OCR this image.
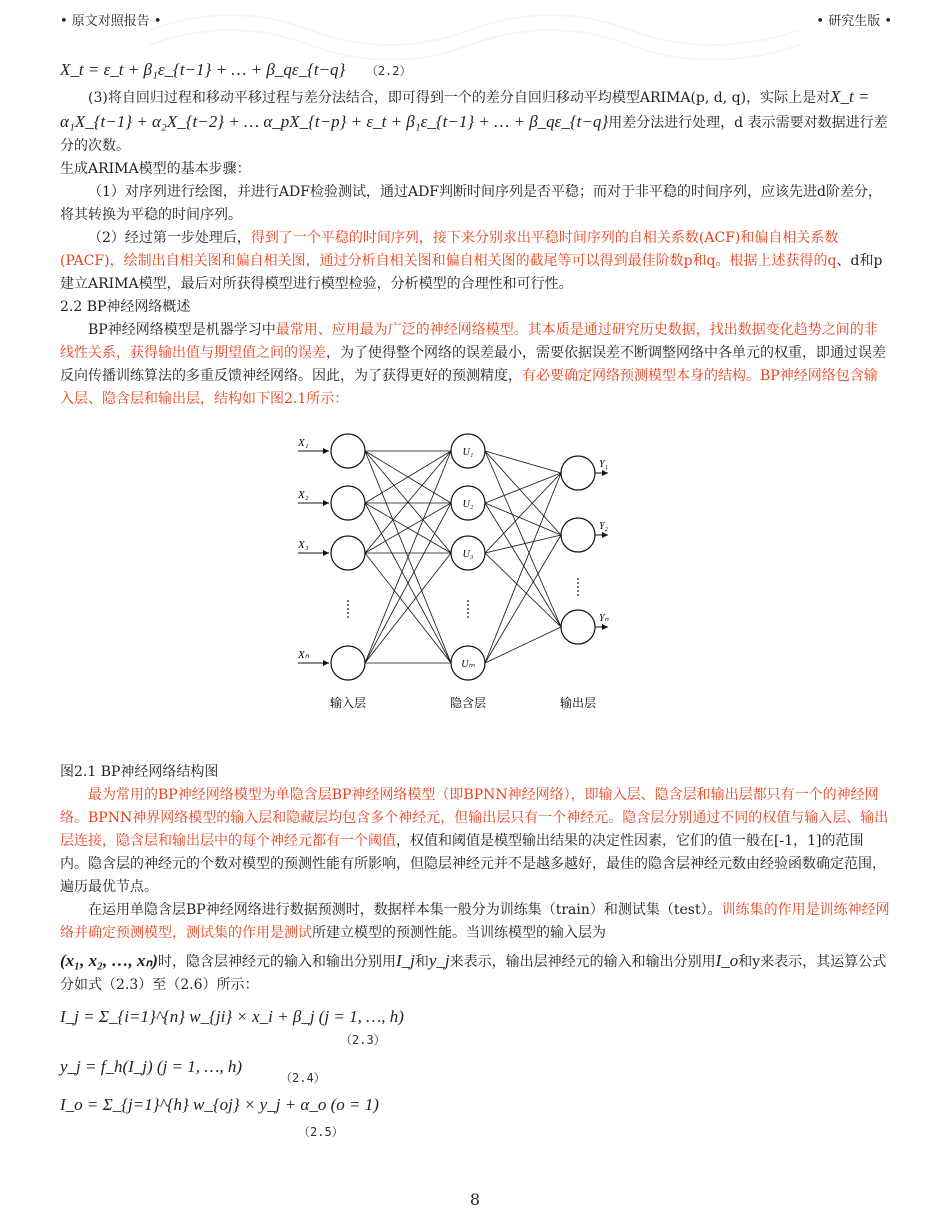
• 原文对照报告 •	• 研究生版 •

X_t = ε_t + β₁ε_{t−1} + … + β_qε_{t−q} （2.2）

(3)将自回归过程和移动平移过程与差分法结合，即可得到一个的差分自回归移动平均模型ARIMA(p, d, q)，实际上是对X_t = α₁X_{t−1} + α₂X_{t−2} + … α_pX_{t−p} + ε_t + β₁ε_{t−1} + … + β_qε_{t−q}用差分法进行处理，d 表示需要对数据进行差分的次数。

生成ARIMA模型的基本步骤：

（1）对序列进行绘图，并进行ADF检验测试，通过ADF判断时间序列是否平稳；而对于非平稳的时间序列，应该先进d阶差分，将其转换为平稳的时间序列。

（2）经过第一步处理后，得到了一个平稳的时间序列，接下来分别求出平稳时间序列的自相关系数(ACF)和偏自相关系数(PACF)，绘制出自相关图和偏自相关图，通过分析自相关图和偏自相关图的截尾等可以得到最佳阶数p和q。根据上述获得的q、d和p建立ARIMA模型，最后对所获得模型进行模型检验，分析模型的合理性和可行性。

2.2 BP神经网络概述

BP神经网络模型是机器学习中最常用、应用最为广泛的神经网络模型。其本质是通过研究历史数据，找出数据变化趋势之间的非线性关系，获得输出值与期望值之间的误差，为了使得整个网络的误差最小，需要依据误差不断调整网络中各单元的权重，即通过误差反向传播训练算法的多重反馈神经网络。因此，为了获得更好的预测精度，有必要确定网络预测模型本身的结构。BP神经网络包含输入层、隐含层和输出层，结构如下图2.1所示：

X₁
X₂
X₃
Xₙ
Y₁
Y₂
Yₙ
U₁
U₂
U₃
Uₘ
输入层	隐含层	输出层

图2.1 BP神经网络结构图

最为常用的BP神经网络模型为单隐含层BP神经网络模型（即BPNN神经网络），即输入层、隐含层和输出层都只有一个的神经网络。BPNN神界网络模型的输入层和隐藏层均包含多个神经元，但输出层只有一个神经元。隐含层分别通过不同的权值与输入层、输出层连接，隐含层和输出层中的每个神经元都有一个阈值，权值和阈值是模型输出结果的决定性因素，它们的值一般在[-1，1]的范围内。隐含层的神经元的个数对模型的预测性能有所影响，但隐层神经元并不是越多越好，最佳的隐含层神经元数由经验函数确定范围，遍历最优节点。

在运用单隐含层BP神经网络进行数据预测时，数据样本集一般分为训练集（train）和测试集（test）。训练集的作用是训练神经网络并确定预测模型，测试集的作用是测试所建立模型的预测性能。当训练模型的输入层为

(x₁, x₂, …, xₙ)时，隐含层神经元的输入和输出分别用I_j和y_j来表示，输出层神经元的输入和输出分别用I_o和y来表示，其运算公式分如式（2.3）至（2.6）所示：

I_j = Σ_{i=1}^{n} w_{ji} × x_i + β_j (j = 1, …, h)
（2.3）
y_j = f_h(I_j) (j = 1, …, h)
（2.4）
I_o = Σ_{j=1}^{h} w_{oj} × y_j + α_o (o = 1)
（2.5）
8
